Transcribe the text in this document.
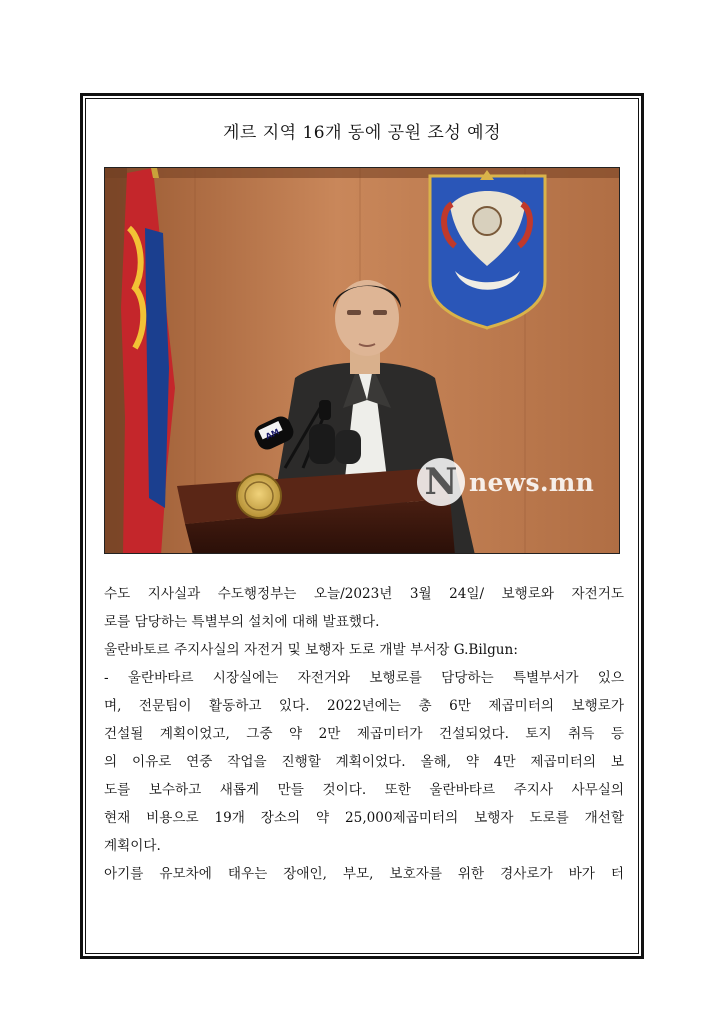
게르 지역 16개 동에 공원 조성 예정
AM
N news.mn
수도 지사실과 수도행정부는 오늘/2023년 3월 24일/ 보행로와 자전거도
로를 담당하는 특별부의 설치에 대해 발표했다.
울란바토르 주지사실의 자전거 및 보행자 도로 개발 부서장 G.Bilgun:
- 울란바타르 시장실에는 자전거와 보행로를 담당하는 특별부서가 있으
며, 전문팀이 활동하고 있다. 2022년에는 총 6만 제곱미터의 보행로가
건설될 계획이었고, 그중 약 2만 제곱미터가 건설되었다. 토지 취득 등
의 이유로 연중 작업을 진행할 계획이었다. 올해, 약 4만 제곱미터의 보
도를 보수하고 새롭게 만들 것이다. 또한 울란바타르 주지사 사무실의
현재 비용으로 19개 장소의 약 25,000제곱미터의 보행자 도로를 개선할
계획이다.
아기를 유모차에 태우는 장애인, 부모, 보호자를 위한 경사로가 바가 터
